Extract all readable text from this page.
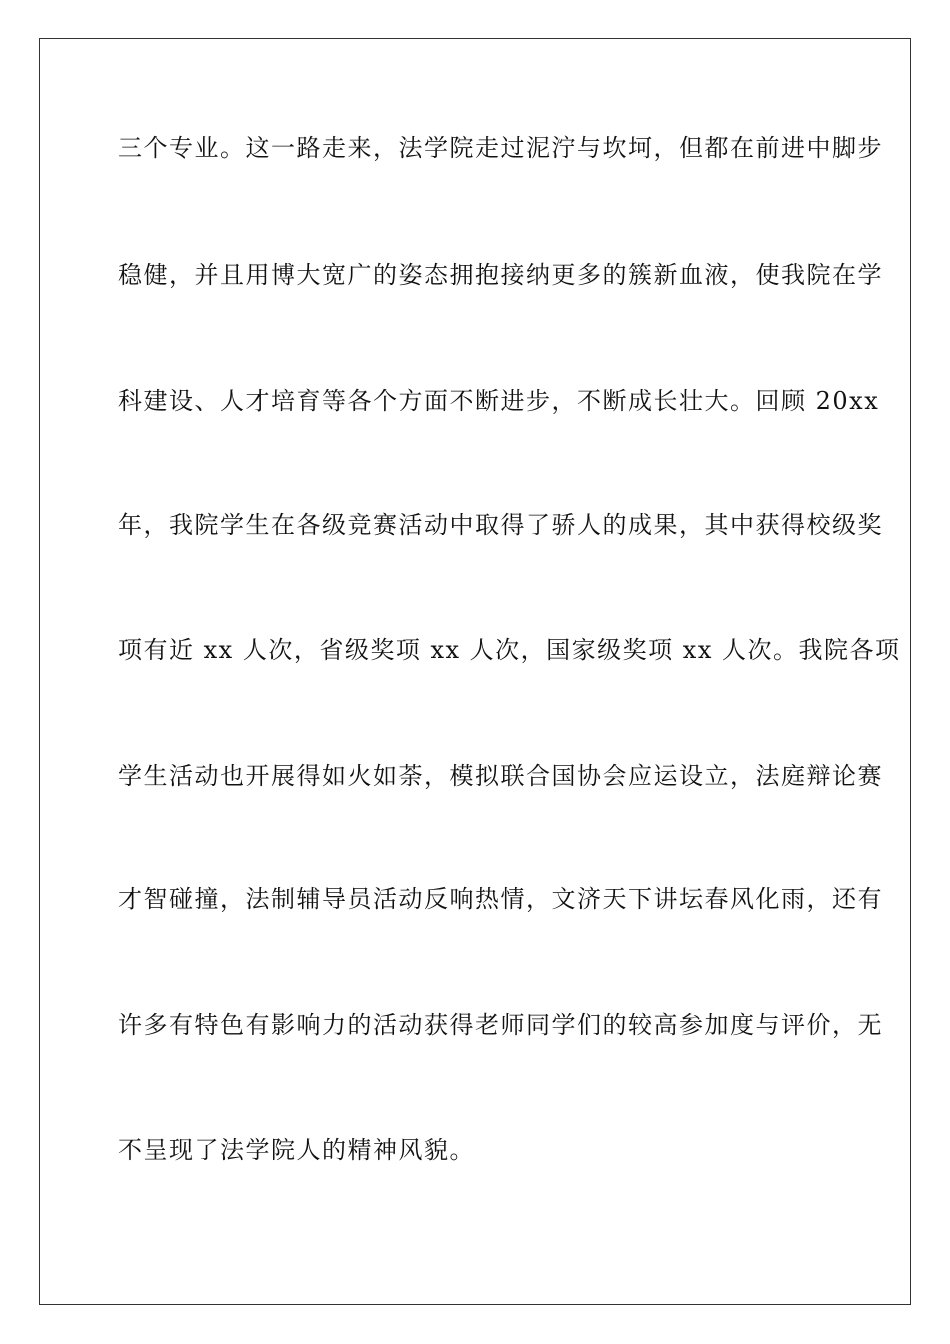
三个专业。这一路走来，法学院走过泥泞与坎坷，但都在前进中脚步
稳健，并且用博大宽广的姿态拥抱接纳更多的簇新血液，使我院在学
科建设、人才培育等各个方面不断进步，不断成长壮大。回顾 20xx
年，我院学生在各级竞赛活动中取得了骄人的成果，其中获得校级奖
项有近 xx 人次，省级奖项 xx 人次，国家级奖项 xx 人次。我院各项
学生活动也开展得如火如荼，模拟联合国协会应运设立，法庭辩论赛
才智碰撞，法制辅导员活动反响热情，文济天下讲坛春风化雨，还有
许多有特色有影响力的活动获得老师同学们的较高参加度与评价，无
不呈现了法学院人的精神风貌。
